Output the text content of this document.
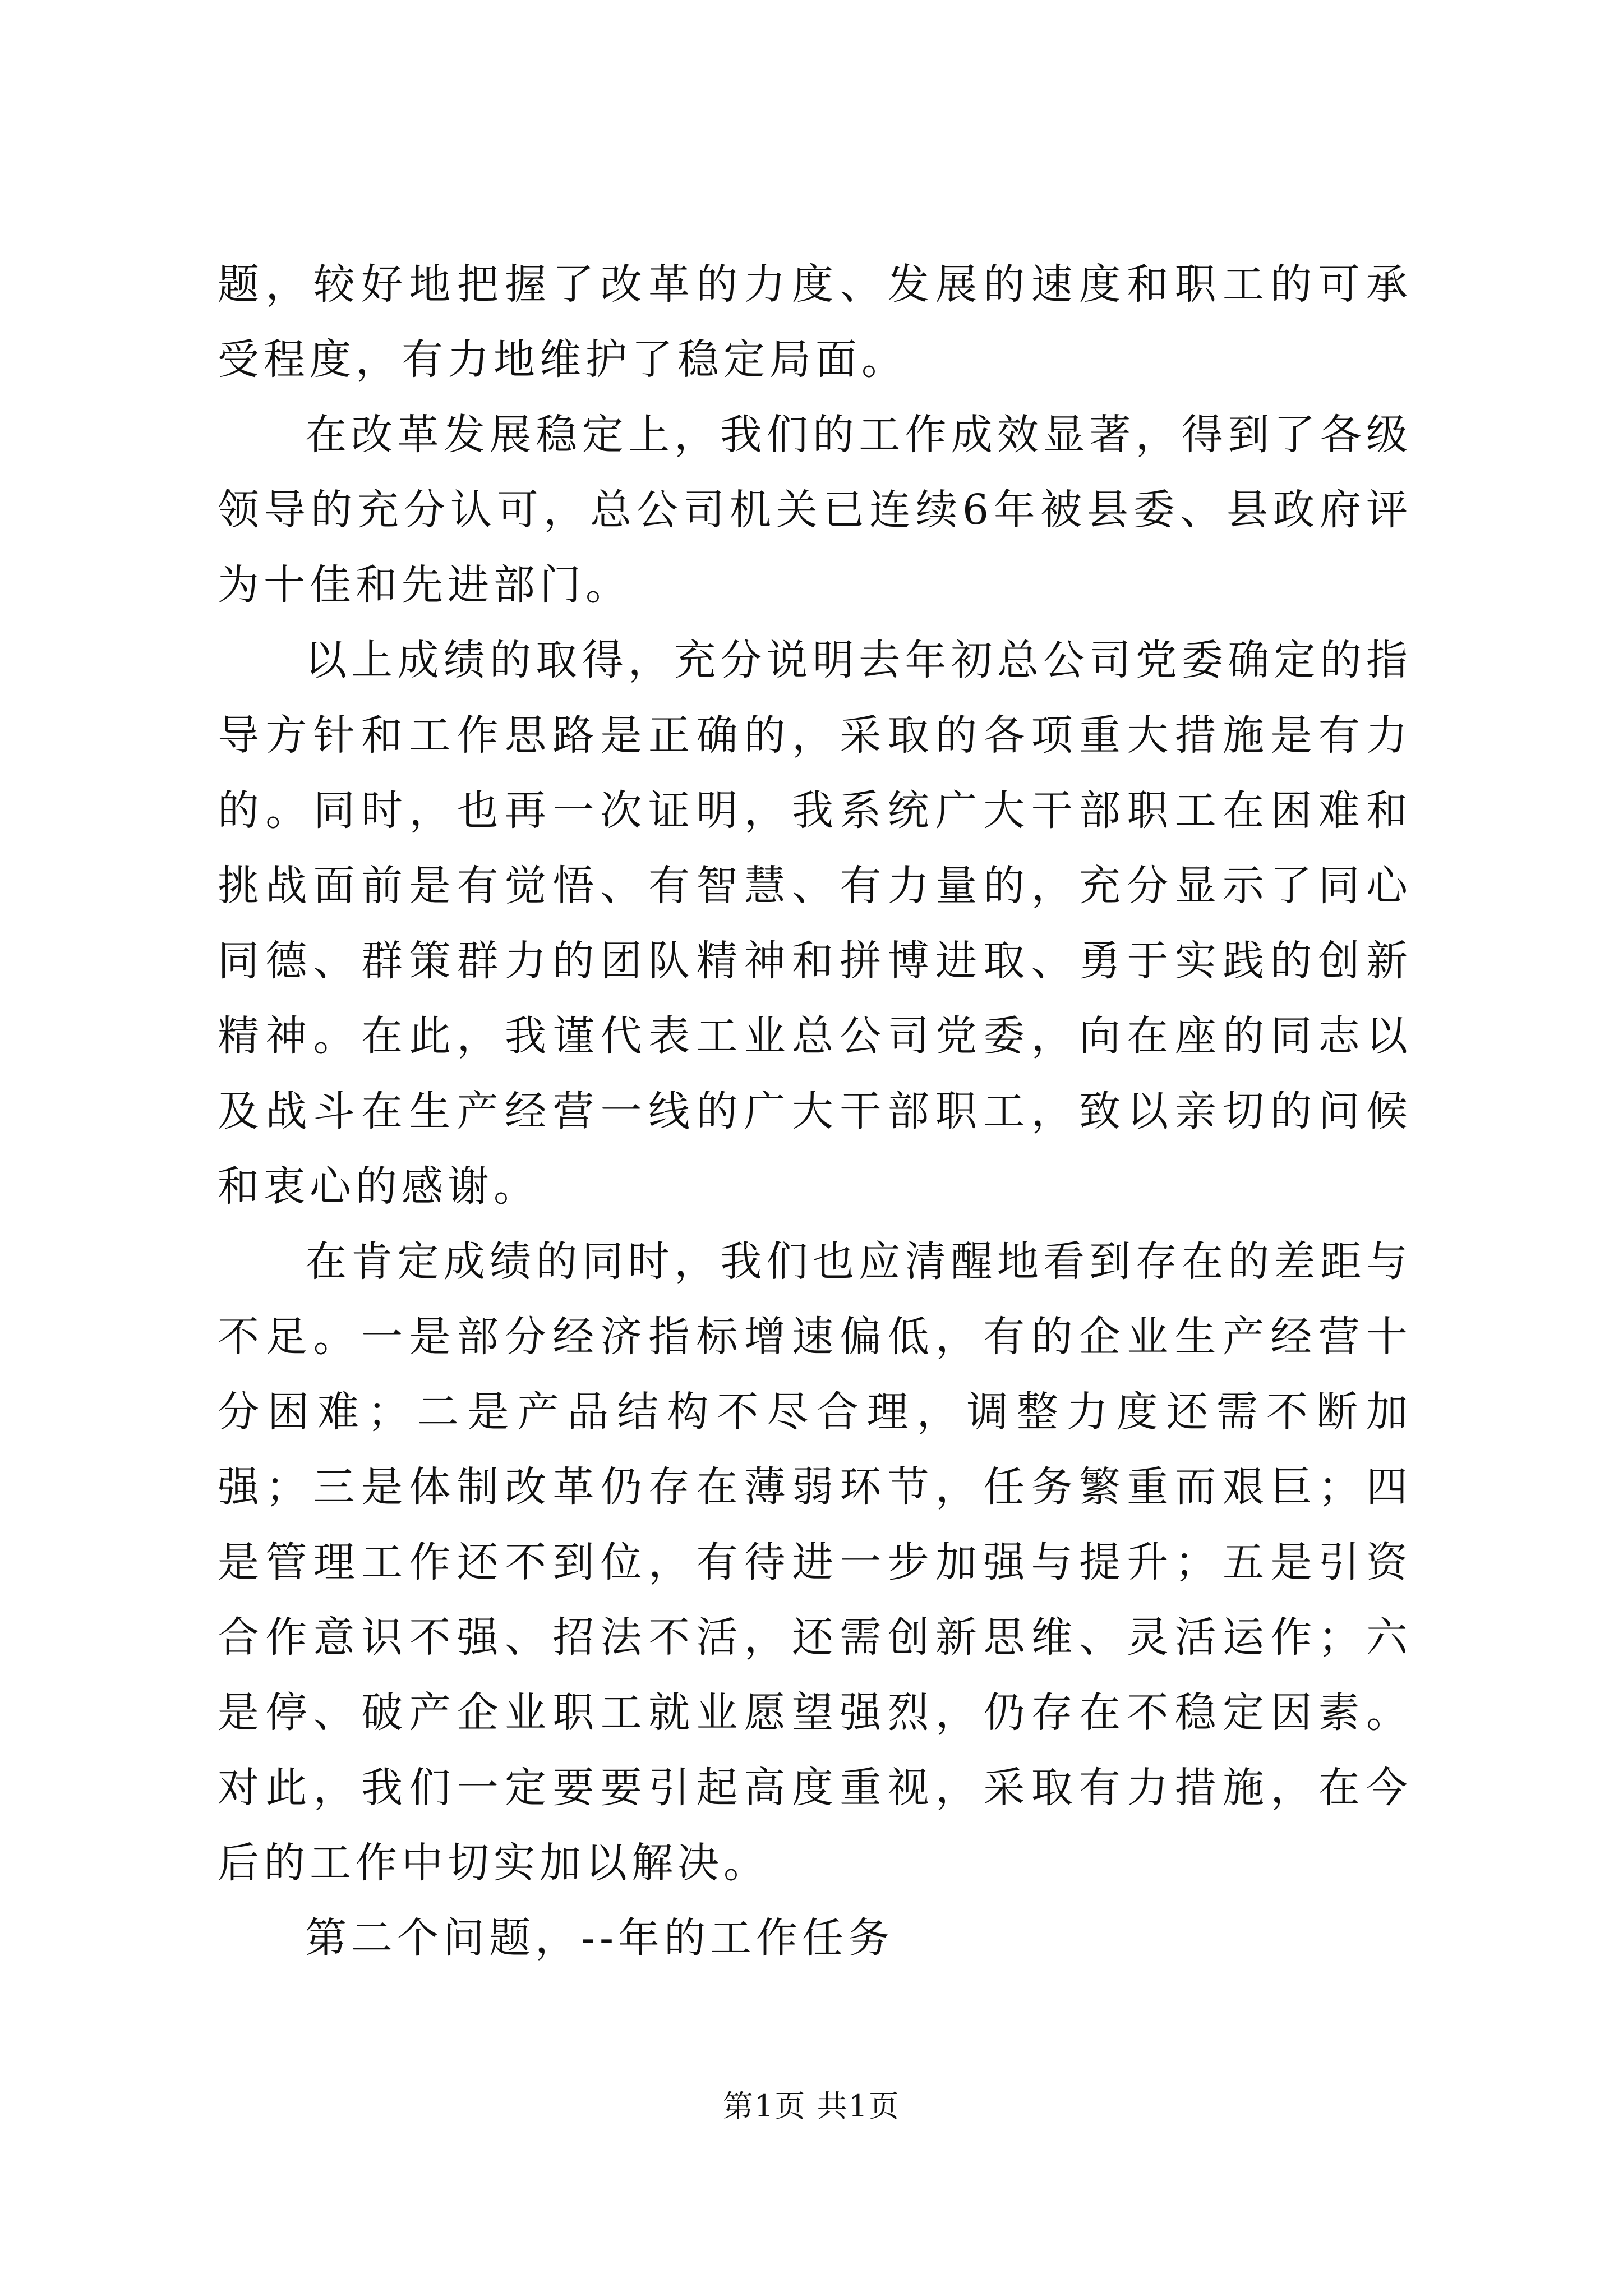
题，较好地把握了改革的力度、发展的速度和职工的可承受程度，有力地维护了稳定局面。

在改革发展稳定上，我们的工作成效显著，得到了各级领导的充分认可，总公司机关已连续6年被县委、县政府评为十佳和先进部门。

以上成绩的取得，充分说明去年初总公司党委确定的指导方针和工作思路是正确的，采取的各项重大措施是有力的。同时，也再一次证明，我系统广大干部职工在困难和挑战面前是有觉悟、有智慧、有力量的，充分显示了同心同德、群策群力的团队精神和拼博进取、勇于实践的创新精神。在此，我谨代表工业总公司党委，向在座的同志以及战斗在生产经营一线的广大干部职工，致以亲切的问候和衷心的感谢。

在肯定成绩的同时，我们也应清醒地看到存在的差距与不足。一是部分经济指标增速偏低，有的企业生产经营十分困难；二是产品结构不尽合理，调整力度还需不断加强；三是体制改革仍存在薄弱环节，任务繁重而艰巨；四是管理工作还不到位，有待进一步加强与提升；五是引资合作意识不强、招法不活，还需创新思维、灵活运作；六是停、破产企业职工就业愿望强烈，仍存在不稳定因素。对此，我们一定要要引起高度重视，采取有力措施，在今后的工作中切实加以解决。

第二个问题，--年的工作任务

第1页 共1页
